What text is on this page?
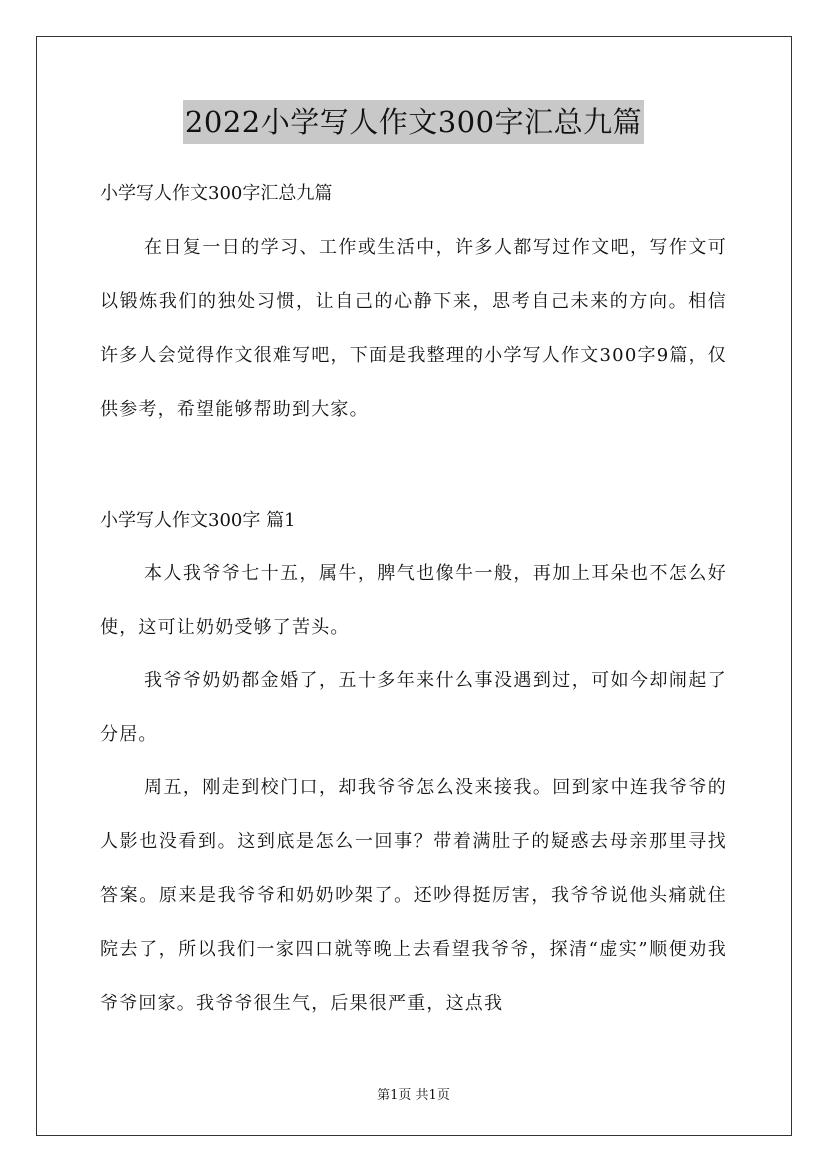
2022小学写人作文300字汇总九篇
小学写人作文300字汇总九篇
在日复一日的学习、工作或生活中，许多人都写过作文吧，写作文可以锻炼我们的独处习惯，让自己的心静下来，思考自己未来的方向。相信许多人会觉得作文很难写吧，下面是我整理的小学写人作文300字9篇，仅供参考，希望能够帮助到大家。
小学写人作文300字 篇1
本人我爷爷七十五，属牛，脾气也像牛一般，再加上耳朵也不怎么好使，这可让奶奶受够了苦头。
我爷爷奶奶都金婚了，五十多年来什么事没遇到过，可如今却闹起了分居。
周五，刚走到校门口，却我爷爷怎么没来接我。回到家中连我爷爷的人影也没看到。这到底是怎么一回事？带着满肚子的疑惑去母亲那里寻找答案。原来是我爷爷和奶奶吵架了。还吵得挺厉害，我爷爷说他头痛就住院去了，所以我们一家四口就等晚上去看望我爷爷，探清“虚实”顺便劝我爷爷回家。我爷爷很生气，后果很严重，这点我
第1页 共1页
